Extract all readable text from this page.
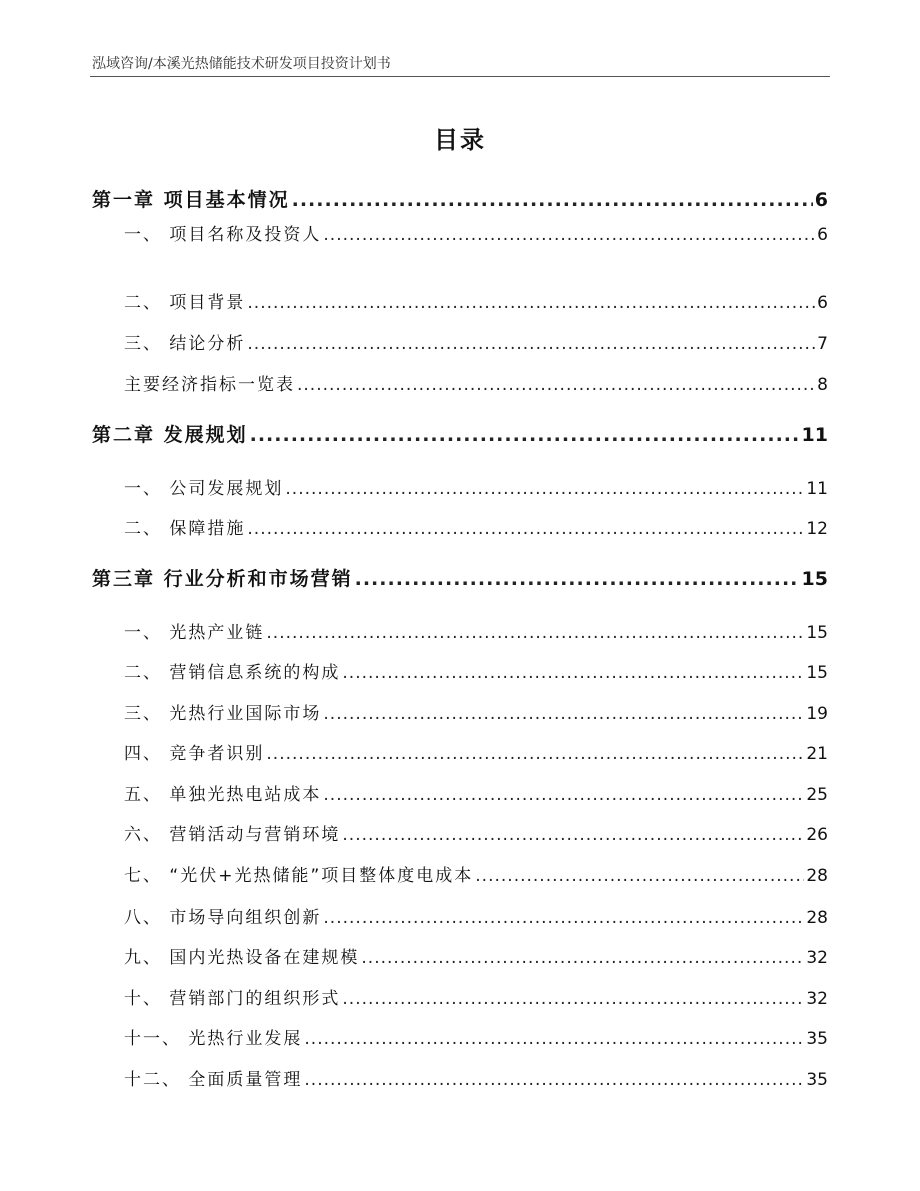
泓域咨询/本溪光热储能技术研发项目投资计划书
目录
第一章 项目基本情况 .....	6
一、 项目名称及投资人 .....	6
二、 项目背景 .....	6
三、 结论分析 .....	7
主要经济指标一览表 .....	8
第二章 发展规划 .....	11
一、 公司发展规划 .....	11
二、 保障措施 .....	12
第三章 行业分析和市场营销 .....	15
一、 光热产业链 .....	15
二、 营销信息系统的构成 .....	15
三、 光热行业国际市场 .....	19
四、 竞争者识别 .....	21
五、 单独光热电站成本 .....	25
六、 营销活动与营销环境 .....	26
七、 “光伏+光热储能”项目整体度电成本 .....	28
八、 市场导向组织创新 .....	28
九、 国内光热设备在建规模 .....	32
十、 营销部门的组织形式 .....	32
十一、 光热行业发展 .....	35
十二、 全面质量管理 .....	35
